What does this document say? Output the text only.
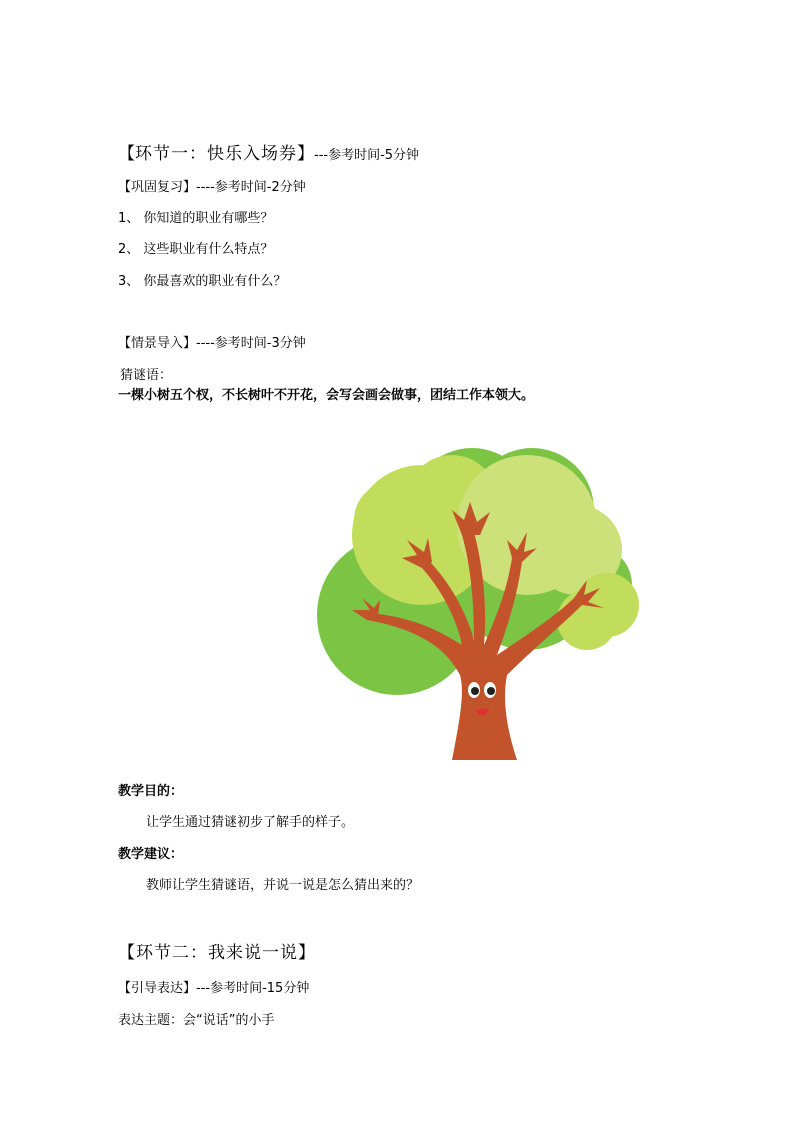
【环节一：快乐入场券】---参考时间-5分钟
【巩固复习】----参考时间-2分钟
1、 你知道的职业有哪些？
2、 这些职业有什么特点？
3、 你最喜欢的职业有什么？
【情景导入】----参考时间-3分钟
猜谜语：
一棵小树五个杈，不长树叶不开花，会写会画会做事，团结工作本领大。
教学目的：
让学生通过猜谜初步了解手的样子。
教学建议：
教师让学生猜谜语，并说一说是怎么猜出来的？
【环节二：我来说一说】
【引导表达】---参考时间-15分钟
表达主题：会“说话”的小手
